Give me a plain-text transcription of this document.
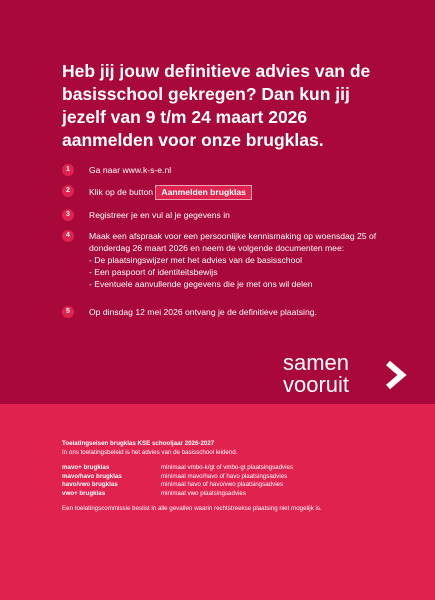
Heb jij jouw definitieve advies van de basisschool gekregen? Dan kun jij jezelf van 9 t/m 24 maart 2026 aanmelden voor onze brugklas.
1	Ga naar www.k-s-e.nl
2	Klik op de button Aanmelden brugklas
3	Registreer je en vul al je gegevens in
4	Maak een afspraak voor een persoonlijke kennismaking op woensdag 25 of donderdag 26 maart 2026 en neem de volgende documenten mee:
- De plaatsingswijzer met het advies van de basisschool
- Een paspoort of identiteitsbewijs
- Eventuele aanvullende gegevens die je met ons wil delen
5	Op dinsdag 12 mei 2026 ontvang je de definitieve plaatsing.
samen
vooruit

Toelatingseisen brugklas KSE schooljaar 2026-2027

In ons toelatingsbeleid is het advies van de basisschool leidend.

mavo+ brugklas	minimaal vmbo-k/gt of vmbo-gt plaatsingsadvies
mavo/havo brugklas	minimaal mavo/havo of havo plaatsingsadvies
havo/vwo brugklas	minimaal havo of havo/vwo plaatsingsadvies
vwo+ brugklas	minimaal vwo plaatsingsadvies

Een toelatingscommissie beslist in alle gevallen waarin rechtstreekse plaatsing niet mogelijk is.
